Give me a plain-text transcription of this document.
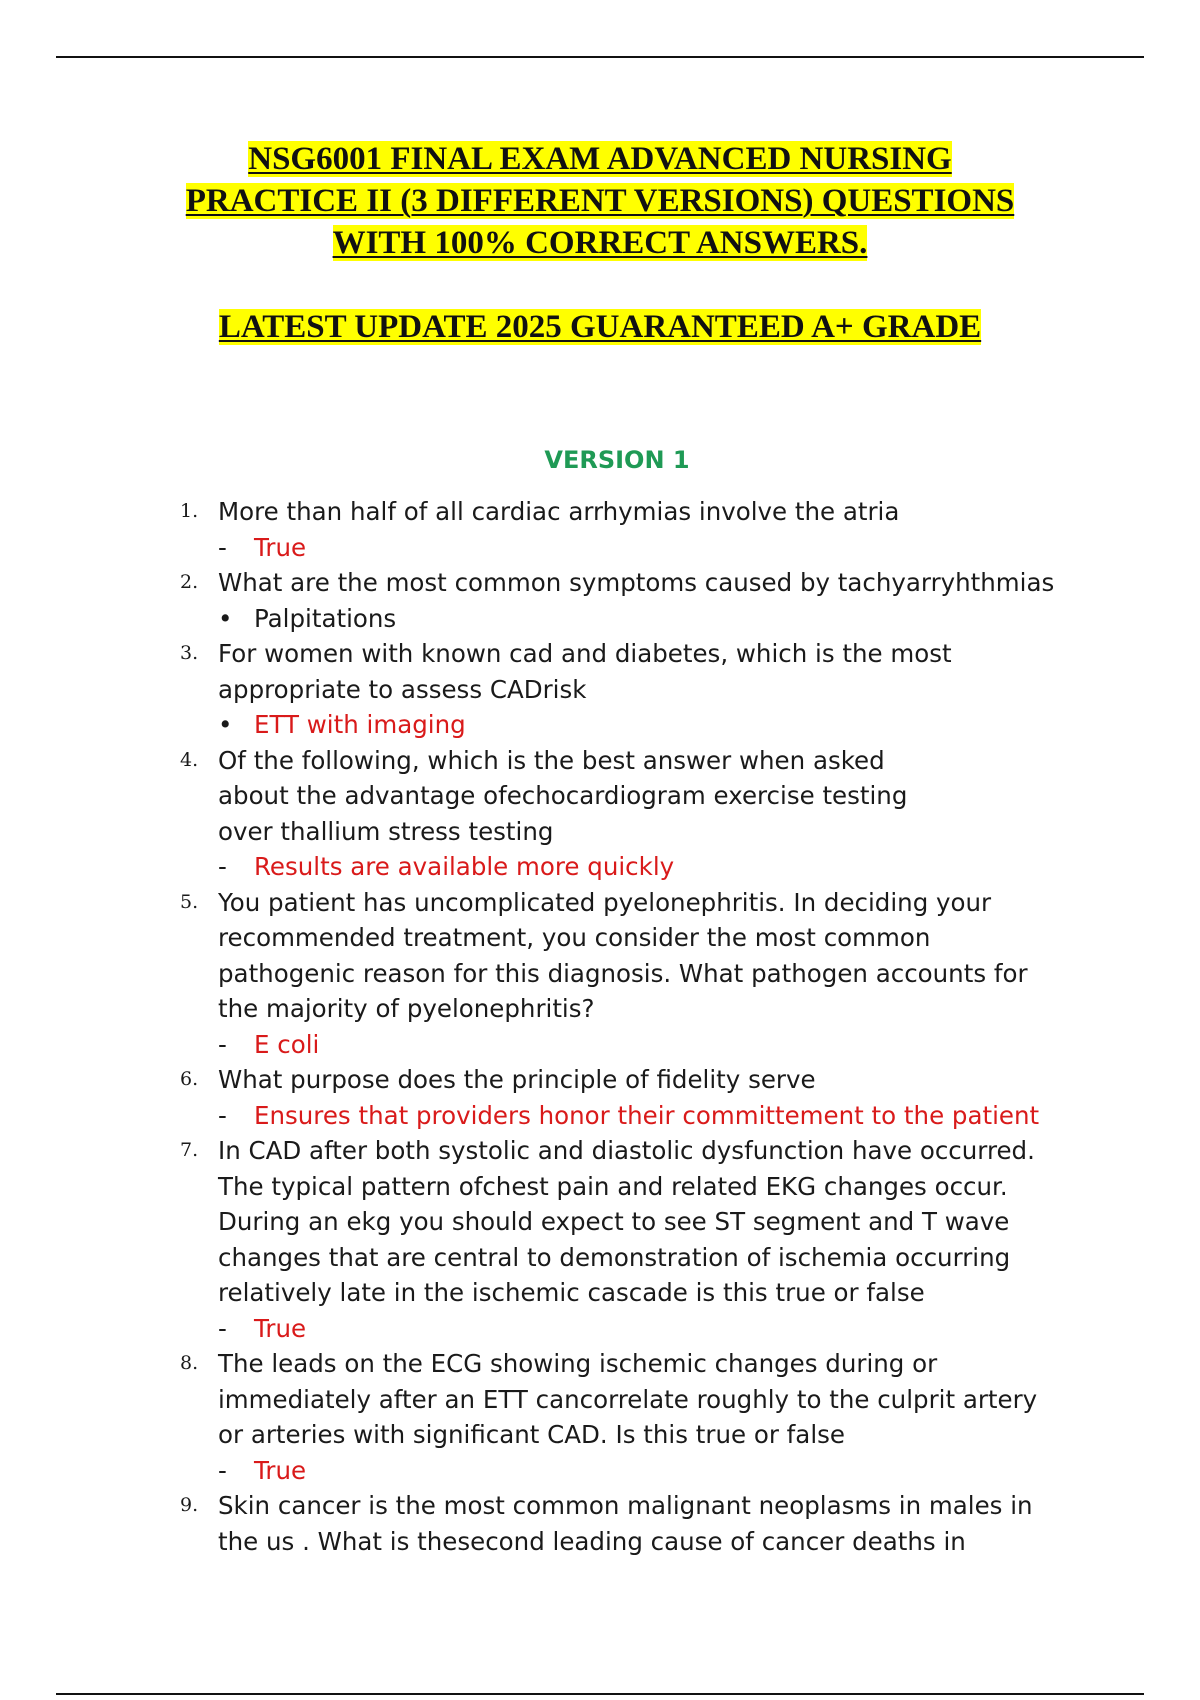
NSG6001 FINAL EXAM ADVANCED NURSING
PRACTICE II (3 DIFFERENT VERSIONS) QUESTIONS
WITH 100% CORRECT ANSWERS.
LATEST UPDATE 2025 GUARANTEED A+ GRADE
VERSION 1
1. More than half of all cardiac arrhymias involve the atria
-	True
2. What are the most common symptoms caused by tachyarryhthmias
• Palpitations
3. For women with known cad and diabetes, which is the most
appropriate to assess CADrisk
• ETT with imaging
4. Of the following, which is the best answer when asked
about the advantage ofechocardiogram exercise testing
over thallium stress testing
-	Results are available more quickly
5. You patient has uncomplicated pyelonephritis. In deciding your
recommended treatment, you consider the most common
pathogenic reason for this diagnosis. What pathogen accounts for
the majority of pyelonephritis?
-	E coli
6. What purpose does the principle of fidelity serve
-	Ensures that providers honor their committement to the patient
7. In CAD after both systolic and diastolic dysfunction have occurred.
The typical pattern ofchest pain and related EKG changes occur.
During an ekg you should expect to see ST segment and T wave
changes that are central to demonstration of ischemia occurring
relatively late in the ischemic cascade is this true or false
-	True
8. The leads on the ECG showing ischemic changes during or
immediately after an ETT cancorrelate roughly to the culprit artery
or arteries with significant CAD. Is this true or false
-	True
9. Skin cancer is the most common malignant neoplasms in males in
the us . What is thesecond leading cause of cancer deaths in
